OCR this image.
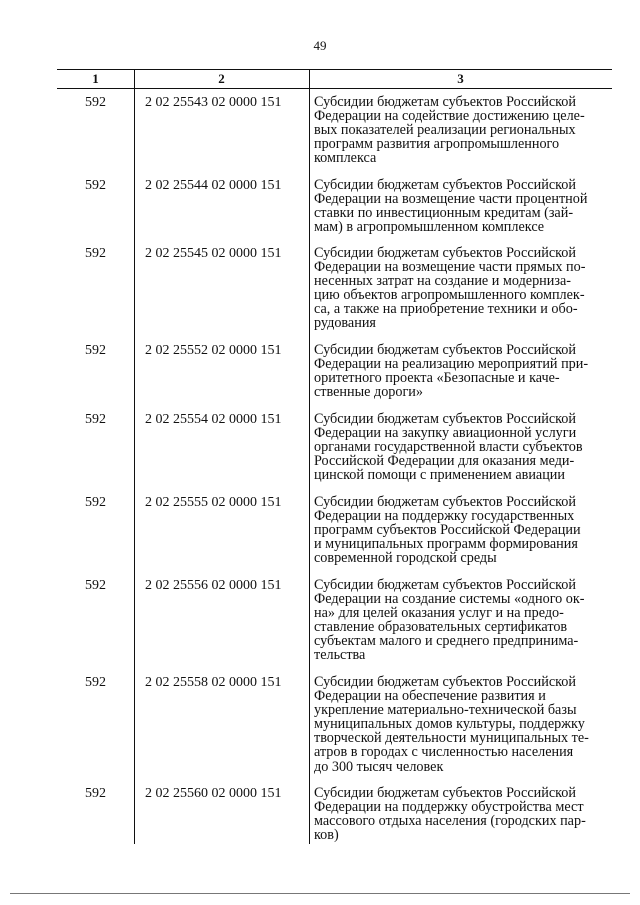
49
1	2	3
592	2 02 25543 02 0000 151	Субсидии бюджетам субъектов Российской
Федерации на содействие достижению целе-
вых показателей реализации региональных
программ развития агропромышленного
комплекса
592	2 02 25544 02 0000 151	Субсидии бюджетам субъектов Российской
Федерации на возмещение части процентной
ставки по инвестиционным кредитам (зай-
мам) в агропромышленном комплексе
592	2 02 25545 02 0000 151	Субсидии бюджетам субъектов Российской
Федерации на возмещение части прямых по-
несенных затрат на создание и модерниза-
цию объектов агропромышленного комплек-
са, а также на приобретение техники и обо-
рудования
592	2 02 25552 02 0000 151	Субсидии бюджетам субъектов Российской
Федерации на реализацию мероприятий при-
оритетного проекта «Безопасные и каче-
ственные дороги»
592	2 02 25554 02 0000 151	Субсидии бюджетам субъектов Российской
Федерации на закупку авиационной услуги
органами государственной власти субъектов
Российской Федерации для оказания меди-
цинской помощи с применением авиации
592	2 02 25555 02 0000 151	Субсидии бюджетам субъектов Российской
Федерации на поддержку государственных
программ субъектов Российской Федерации
и муниципальных программ формирования
современной городской среды
592	2 02 25556 02 0000 151	Субсидии бюджетам субъектов Российской
Федерации на создание системы «одного ок-
на» для целей оказания услуг и на предо-
ставление образовательных сертификатов
субъектам малого и среднего предпринима-
тельства
592	2 02 25558 02 0000 151	Субсидии бюджетам субъектов Российской
Федерации на обеспечение развития и
укрепление материально-технической базы
муниципальных домов культуры, поддержку
творческой деятельности муниципальных те-
атров в городах с численностью населения
до 300 тысяч человек
592	2 02 25560 02 0000 151	Субсидии бюджетам субъектов Российской
Федерации на поддержку обустройства мест
массового отдыха населения (городских пар-
ков)
